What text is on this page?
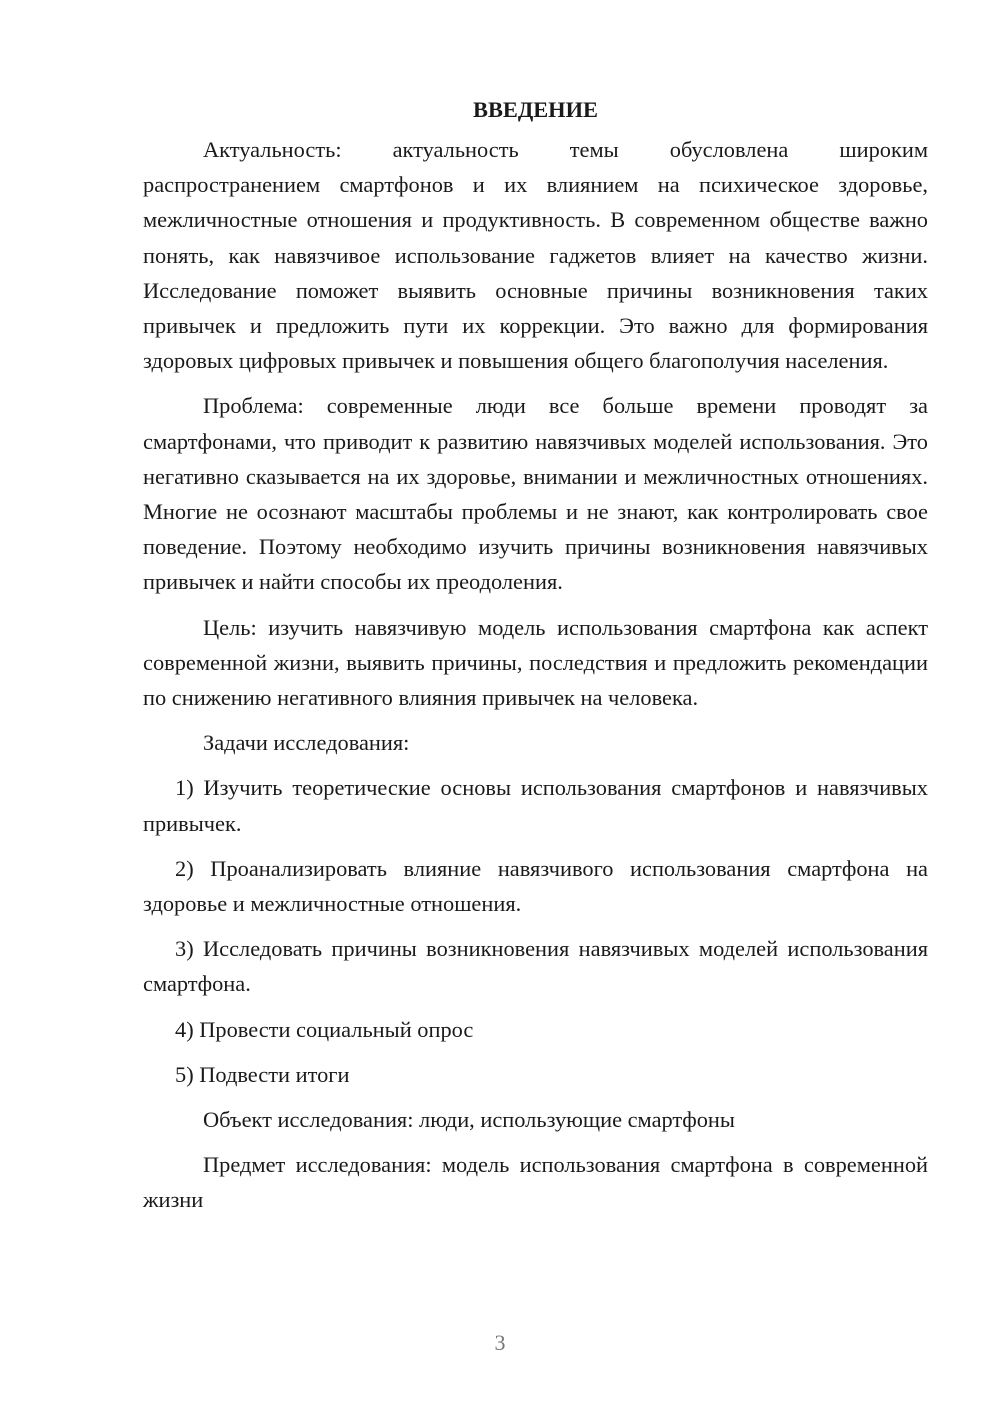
ВВЕДЕНИЕ

Актуальность: актуальность темы обусловлена широким распространением смартфонов и их влиянием на психическое здоровье, межличностные отношения и продуктивность. В современном обществе важно понять, как навязчивое использование гаджетов влияет на качество жизни. Исследование поможет выявить основные причины возникновения таких привычек и предложить пути их коррекции. Это важно для формирования здоровых цифровых привычек и повышения общего благополучия населения.

Проблема: современные люди все больше времени проводят за смартфонами, что приводит к развитию навязчивых моделей использования. Это негативно сказывается на их здоровье, внимании и межличностных отношениях. Многие не осознают масштабы проблемы и не знают, как контролировать свое поведение. Поэтому необходимо изучить причины возникновения навязчивых привычек и найти способы их преодоления.

Цель: изучить навязчивую модель использования смартфона как аспект современной жизни, выявить причины, последствия и предложить рекомендации по снижению негативного влияния привычек на человека.

Задачи исследования:

1) Изучить теоретические основы использования смартфонов и навязчивых привычек.

2) Проанализировать влияние навязчивого использования смартфона на здоровье и межличностные отношения.

3) Исследовать причины возникновения навязчивых моделей использования смартфона.

4) Провести социальный опрос

5) Подвести итоги

Объект исследования: люди, использующие смартфоны

Предмет исследования: модель использования смартфона в современной жизни

3
